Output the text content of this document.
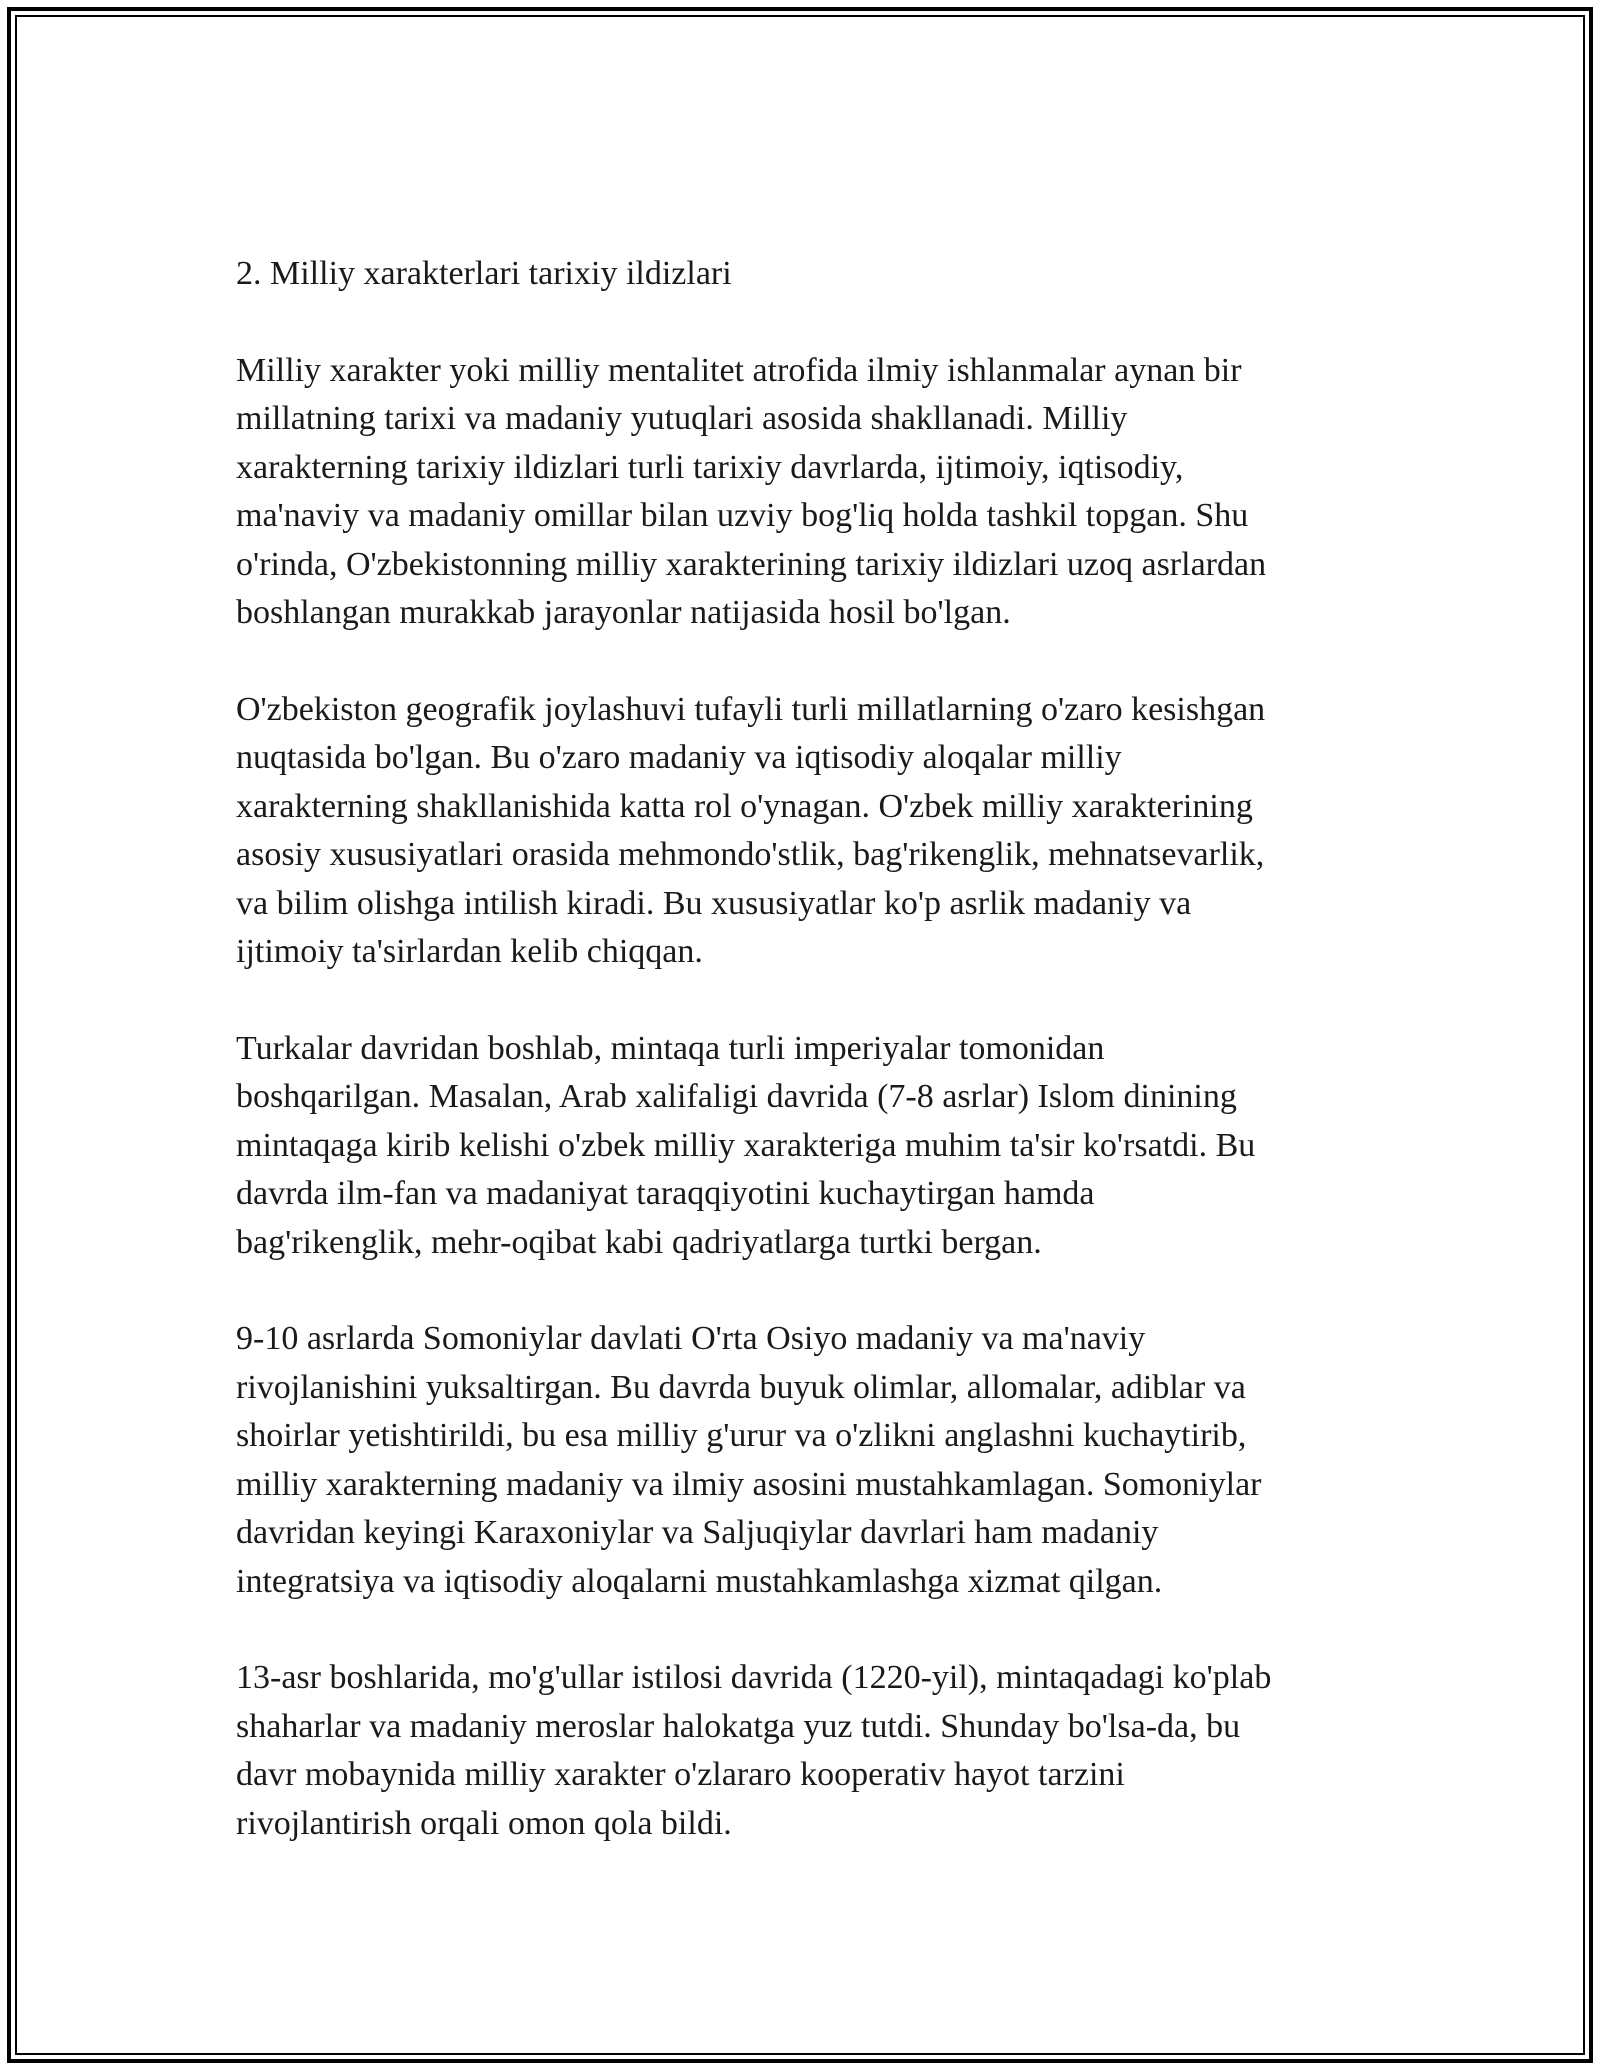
2. Milliy xarakterlari tarixiy ildizlari
Milliy xarakter yoki milliy mentalitet atrofida ilmiy ishlanmalar aynan bir
millatning tarixi va madaniy yutuqlari asosida shakllanadi. Milliy
xarakterning tarixiy ildizlari turli tarixiy davrlarda, ijtimoiy, iqtisodiy,
ma'naviy va madaniy omillar bilan uzviy bog'liq holda tashkil topgan. Shu
o'rinda, O'zbekistonning milliy xarakterining tarixiy ildizlari uzoq asrlardan
boshlangan murakkab jarayonlar natijasida hosil bo'lgan.
O'zbekiston geografik joylashuvi tufayli turli millatlarning o'zaro kesishgan
nuqtasida bo'lgan. Bu o'zaro madaniy va iqtisodiy aloqalar milliy
xarakterning shakllanishida katta rol o'ynagan. O'zbek milliy xarakterining
asosiy xususiyatlari orasida mehmondo'stlik, bag'rikenglik, mehnatsevarlik,
va bilim olishga intilish kiradi. Bu xususiyatlar ko'p asrlik madaniy va
ijtimoiy ta'sirlardan kelib chiqqan.
Turkalar davridan boshlab, mintaqa turli imperiyalar tomonidan
boshqarilgan. Masalan, Arab xalifaligi davrida (7-8 asrlar) Islom dinining
mintaqaga kirib kelishi o'zbek milliy xarakteriga muhim ta'sir ko'rsatdi. Bu
davrda ilm-fan va madaniyat taraqqiyotini kuchaytirgan hamda
bag'rikenglik, mehr-oqibat kabi qadriyatlarga turtki bergan.
9-10 asrlarda Somoniylar davlati O'rta Osiyo madaniy va ma'naviy
rivojlanishini yuksaltirgan. Bu davrda buyuk olimlar, allomalar, adiblar va
shoirlar yetishtirildi, bu esa milliy g'urur va o'zlikni anglashni kuchaytirib,
milliy xarakterning madaniy va ilmiy asosini mustahkamlagan. Somoniylar
davridan keyingi Karaxoniylar va Saljuqiylar davrlari ham madaniy
integratsiya va iqtisodiy aloqalarni mustahkamlashga xizmat qilgan.
13-asr boshlarida, mo'g'ullar istilosi davrida (1220-yil), mintaqadagi ko'plab
shaharlar va madaniy meroslar halokatga yuz tutdi. Shunday bo'lsa-da, bu
davr mobaynida milliy xarakter o'zlararo kooperativ hayot tarzini
rivojlantirish orqali omon qola bildi.
